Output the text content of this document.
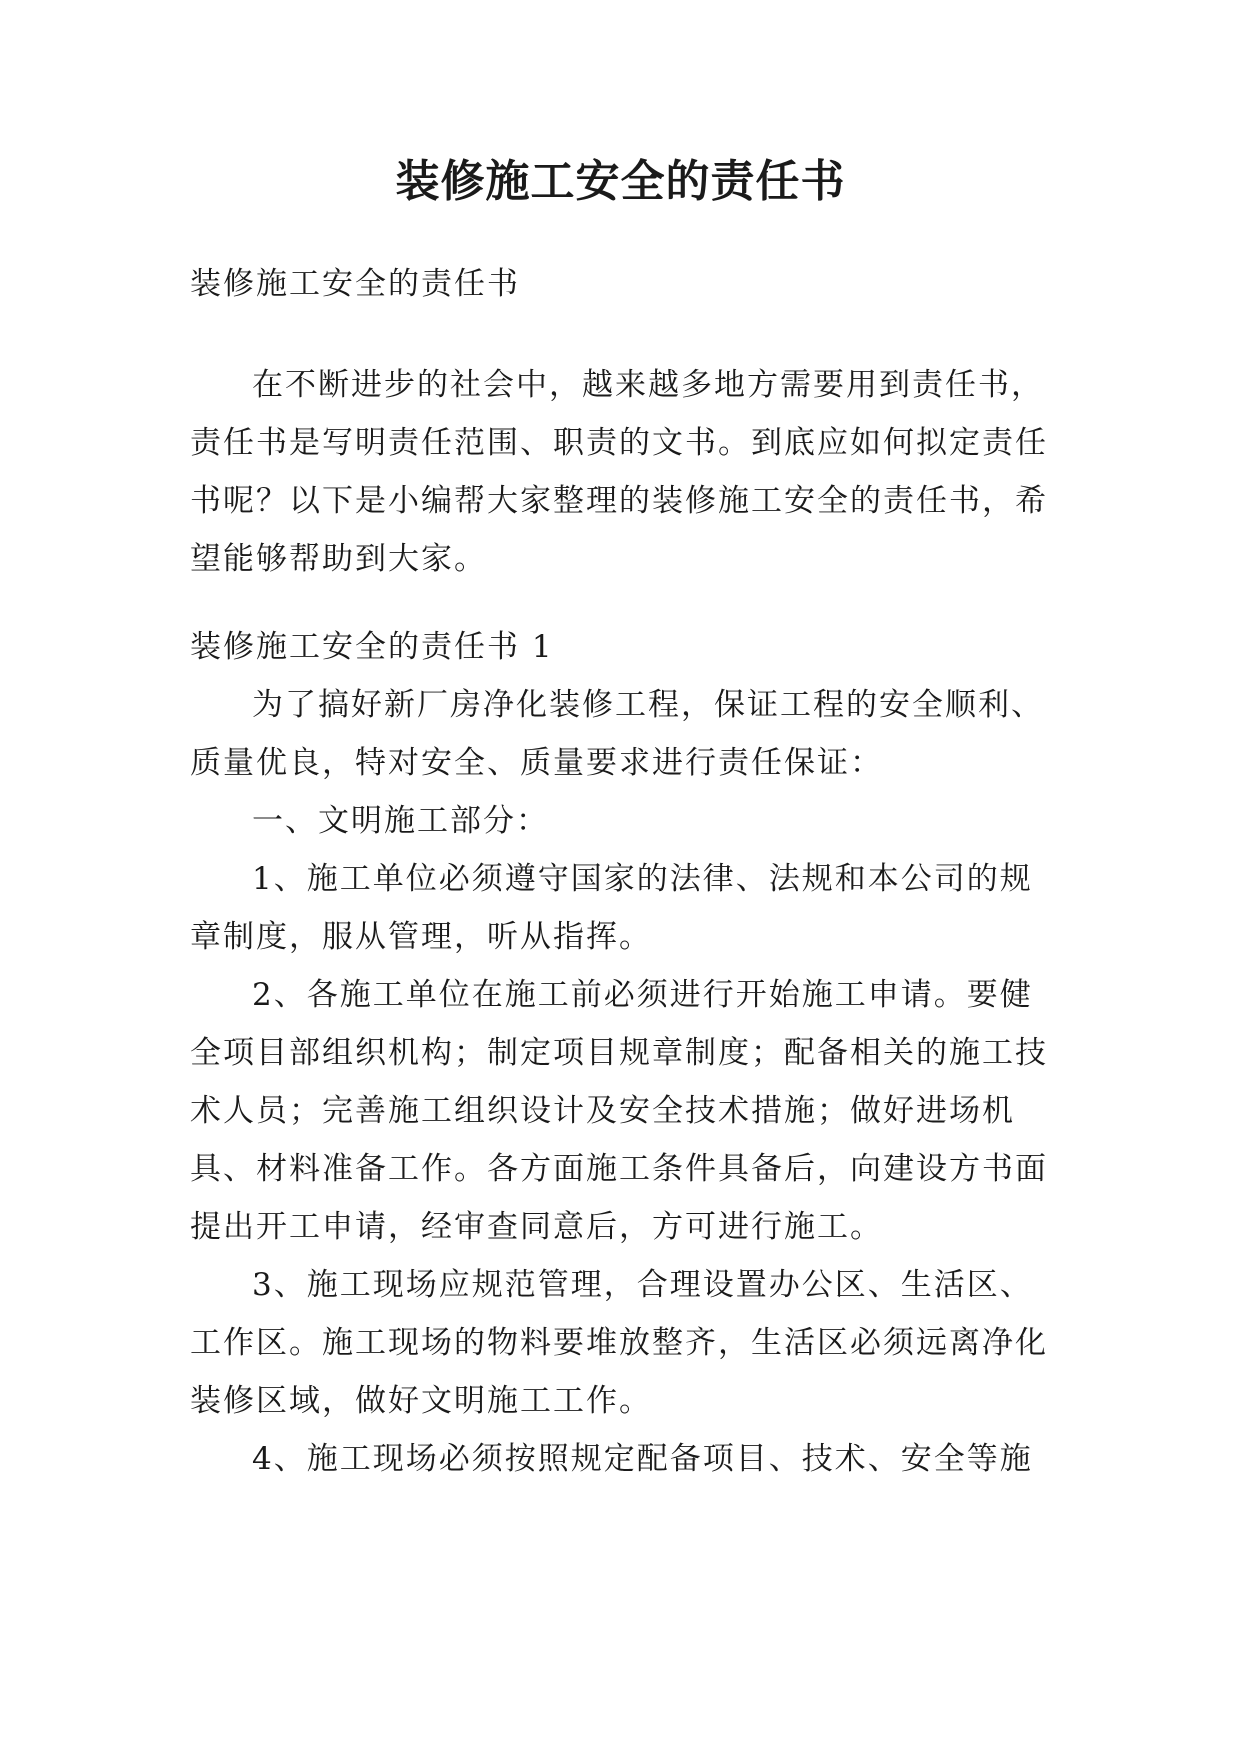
装修施工安全的责任书
装修施工安全的责任书

在不断进步的社会中，越来越多地方需要用到责任书，责任书是写明责任范围、职责的文书。到底应如何拟定责任书呢？以下是小编帮大家整理的装修施工安全的责任书，希望能够帮助到大家。

装修施工安全的责任书 1

为了搞好新厂房净化装修工程，保证工程的安全顺利、质量优良，特对安全、质量要求进行责任保证：

一、文明施工部分：

1、施工单位必须遵守国家的法律、法规和本公司的规章制度，服从管理，听从指挥。

2、各施工单位在施工前必须进行开始施工申请。要健全项目部组织机构；制定项目规章制度；配备相关的施工技术人员；完善施工组织设计及安全技术措施；做好进场机具、材料准备工作。各方面施工条件具备后，向建设方书面提出开工申请，经审查同意后，方可进行施工。

3、施工现场应规范管理，合理设置办公区、生活区、工作区。施工现场的物料要堆放整齐，生活区必须远离净化装修区域，做好文明施工工作。

4、施工现场必须按照规定配备项目、技术、安全等施
